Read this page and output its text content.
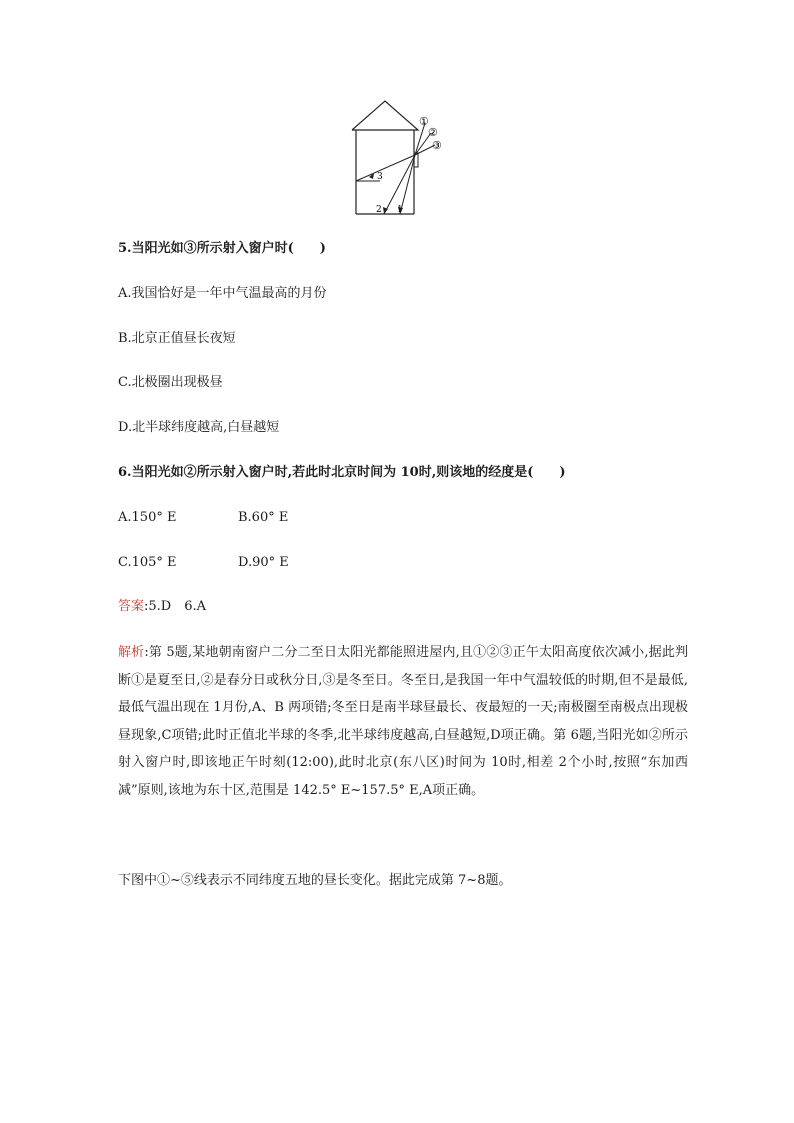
①
②
③
3
2 1
5.当阳光如③所示射入窗户时(　　)
A.我国恰好是一年中气温最高的月份
B.北京正值昼长夜短
C.北极圈出现极昼
D.北半球纬度越高,白昼越短
6.当阳光如②所示射入窗户时,若此时北京时间为 10时,则该地的经度是(　　)
A.150° E	B.60° E
C.105° E	D.90° E
答案:5.D　6.A
解析:第 5题,某地朝南窗户二分二至日太阳光都能照进屋内,且①②③正午太阳高度依次减小,据此判断①是夏至日,②是春分日或秋分日,③是冬至日。冬至日,是我国一年中气温较低的时期,但不是最低,最低气温出现在 1月份,A、B 两项错;冬至日是南半球昼最长、夜最短的一天;南极圈至南极点出现极昼现象,C项错;此时正值北半球的冬季,北半球纬度越高,白昼越短,D项正确。第 6题,当阳光如②所示射入窗户时,即该地正午时刻(12:00),此时北京(东八区)时间为 10时,相差 2个小时,按照“东加西减”原则,该地为东十区,范围是 142.5° E~157.5° E,A项正确。
下图中①~⑤线表示不同纬度五地的昼长变化。据此完成第 7~8题。
